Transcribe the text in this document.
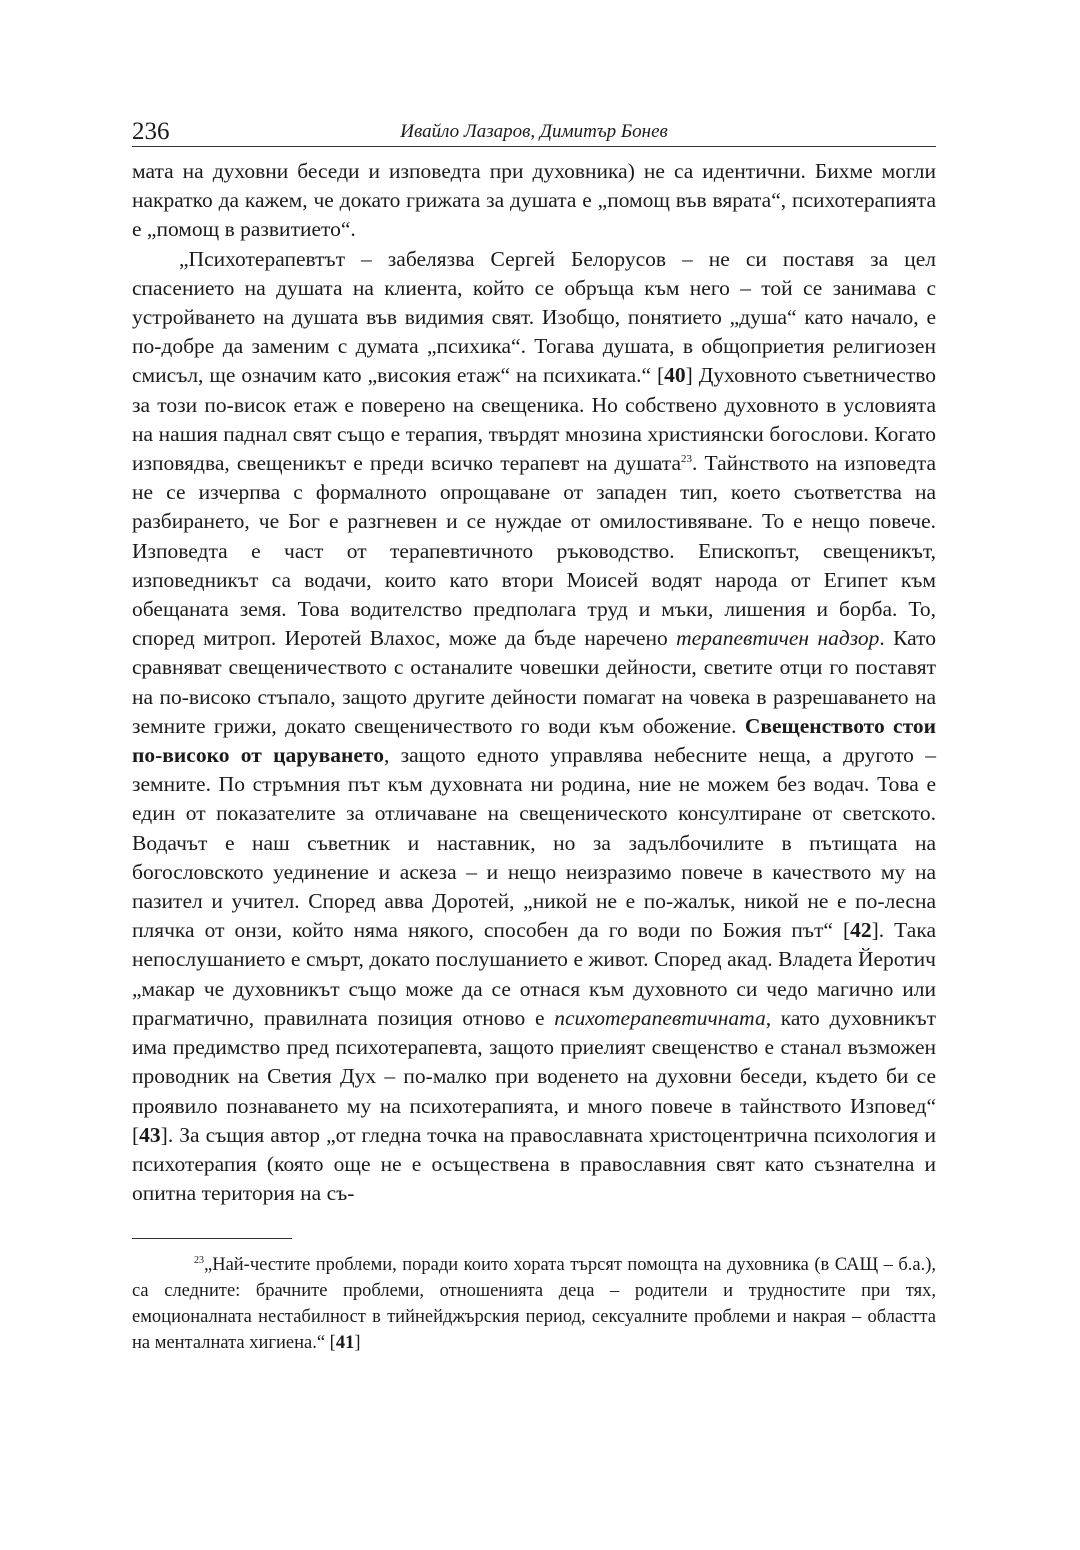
236	Ивайло Лазаров, Димитър Бонев

мата на духовни беседи и изповедта при духовника) не са идентични. Бихме могли накратко да кажем, че докато грижата за душата е „помощ във вярата“, психотерапията е „помощ в развитието“.

„Психотерапевтът – забелязва Сергей Белорусов – не си поставя за цел спасението на душата на клиента, който се обръща към него – той се занимава с устройването на душата във видимия свят. Изобщо, понятието „душа“ като начало, е по-добре да заменим с думата „психика“. Тогава душата, в общоприетия религиозен смисъл, ще означим като „високия етаж“ на психиката.“ [40] Духовното съветничество за този по-висок етаж е поверено на свещеника. Но собствено духовното в условията на нашия паднал свят също е терапия, твърдят мнозина християнски богослови. Когато изповядва, свещеникът е преди всичко терапевт на душата$^{23}$. Тайнството на изповедта не се изчерпва с формалното опрощаване от западен тип, което съответства на разбирането, че Бог е разгневен и се нуждае от омилостивяване. То е нещо повече. Изповедта е част от терапевтичното ръководство. Епископът, свещеникът, изповедникът са водачи, които като втори Моисей водят народа от Египет към обещаната земя. Това водителство предполага труд и мъки, лишения и борба. То, според митроп. Иеротей Влахос, може да бъде наречено терапевтичен надзор. Като сравняват свещеничеството с останалите човешки дейности, светите отци го поставят на по-високо стъпало, защото другите дейности помагат на човека в разрешаването на земните грижи, докато свещеничеството го води към обожение. Свещенството стои по-високо от царуването, защото едното управлява небесните неща, а другото – земните. По стръмния път към духовната ни родина, ние не можем без водач. Това е един от показателите за отличаване на свещеническото консултиране от светското. Водачът е наш съветник и наставник, но за задълбочилите в пътищата на богословското уединение и аскеза – и нещо неизразимо повече в качеството му на пазител и учител. Според авва Доротей, „никой не е по-жалък, никой не е по-лесна плячка от онзи, който няма някого, способен да го води по Божия път“ [42]. Така непослушанието е смърт, докато послушанието е живот. Според акад. Владета Йеротич „макар че духовникът също може да се отнася към духовното си чедо магично или прагматично, правилната позиция отново е психотерапевтичната, като духовникът има предимство пред психотерапевта, защото приелият свещенство е станал възможен проводник на Светия Дух – по-малко при воденето на духовни беседи, където би се проявило познаването му на психотерапията, и много повече в тайнството Изповед“ [43]. За същия автор „от гледна точка на православната христоцентрична психология и психотерапия (която още не е осъществена в православния свят като съзнателна и опитна територия на съ-

$^{23}$„Най-честите проблеми, поради които хората търсят помощта на духовника (в САЩ – б.а.), са следните: брачните проблеми, отношенията деца – родители и трудностите при тях, емоционалната нестабилност в тийнейджърския период, сексуалните проблеми и накрая – областта на менталната хигиена.“ [41]
